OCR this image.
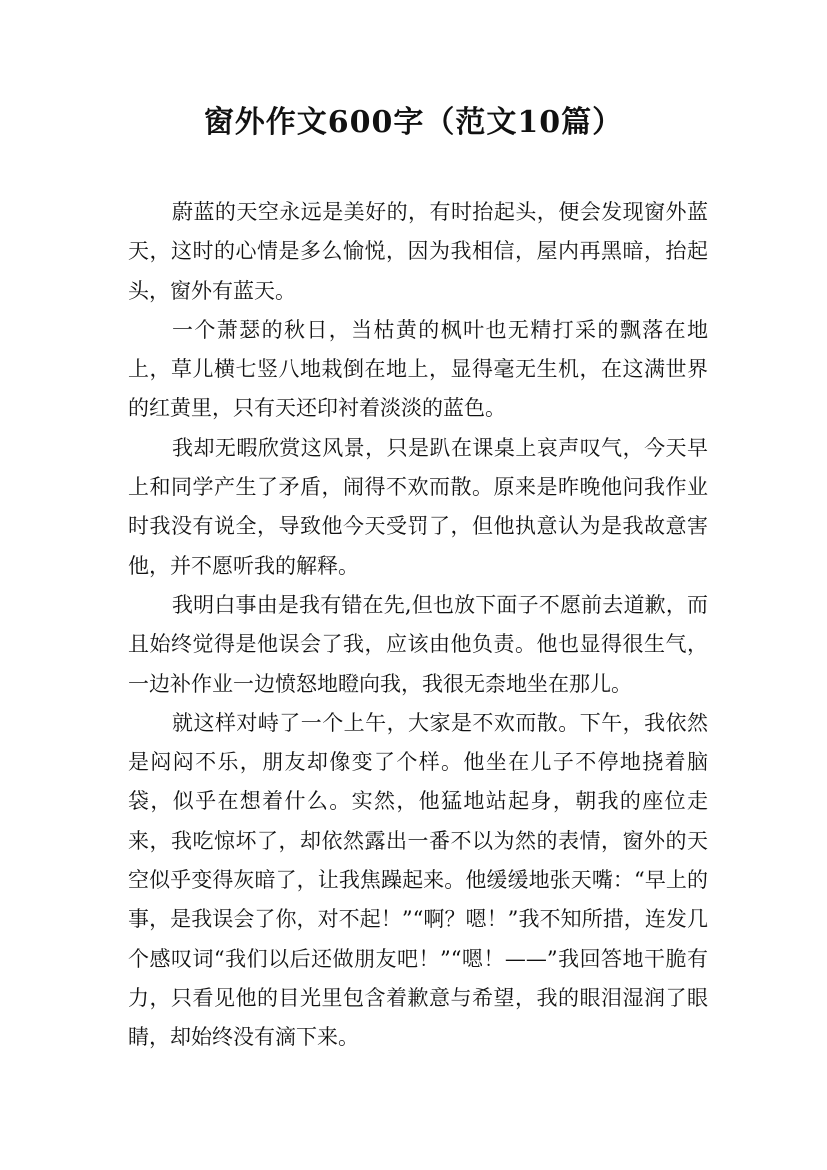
窗外作文600字（范文10篇）

蔚蓝的天空永远是美好的，有时抬起头，便会发现窗外蓝天，这时的心情是多么愉悦，因为我相信，屋内再黑暗，抬起头，窗外有蓝天。

一个萧瑟的秋日，当枯黄的枫叶也无精打采的飘落在地上，草儿横七竖八地栽倒在地上，显得毫无生机，在这满世界的红黄里，只有天还印衬着淡淡的蓝色。

我却无暇欣赏这风景，只是趴在课桌上哀声叹气，今天早上和同学产生了矛盾，闹得不欢而散。原来是昨晚他问我作业时我没有说全，导致他今天受罚了，但他执意认为是我故意害他，并不愿听我的解释。

我明白事由是我有错在先,但也放下面子不愿前去道歉，而且始终觉得是他误会了我，应该由他负责。他也显得很生气，一边补作业一边愤怒地瞪向我，我很无柰地坐在那儿。

就这样对峙了一个上午，大家是不欢而散。下午，我依然是闷闷不乐，朋友却像变了个样。他坐在儿子不停地挠着脑袋，似乎在想着什么。实然，他猛地站起身，朝我的座位走来，我吃惊坏了，却依然露出一番不以为然的表情，窗外的天空似乎变得灰暗了，让我焦躁起来。他缓缓地张天嘴：“早上的事，是我误会了你，对不起！”“啊？嗯！”我不知所措，连发几个感叹词“我们以后还做朋友吧！”“嗯！——”我回答地干脆有力，只看见他的目光里包含着歉意与希望，我的眼泪湿润了眼睛，却始终没有滴下来。
